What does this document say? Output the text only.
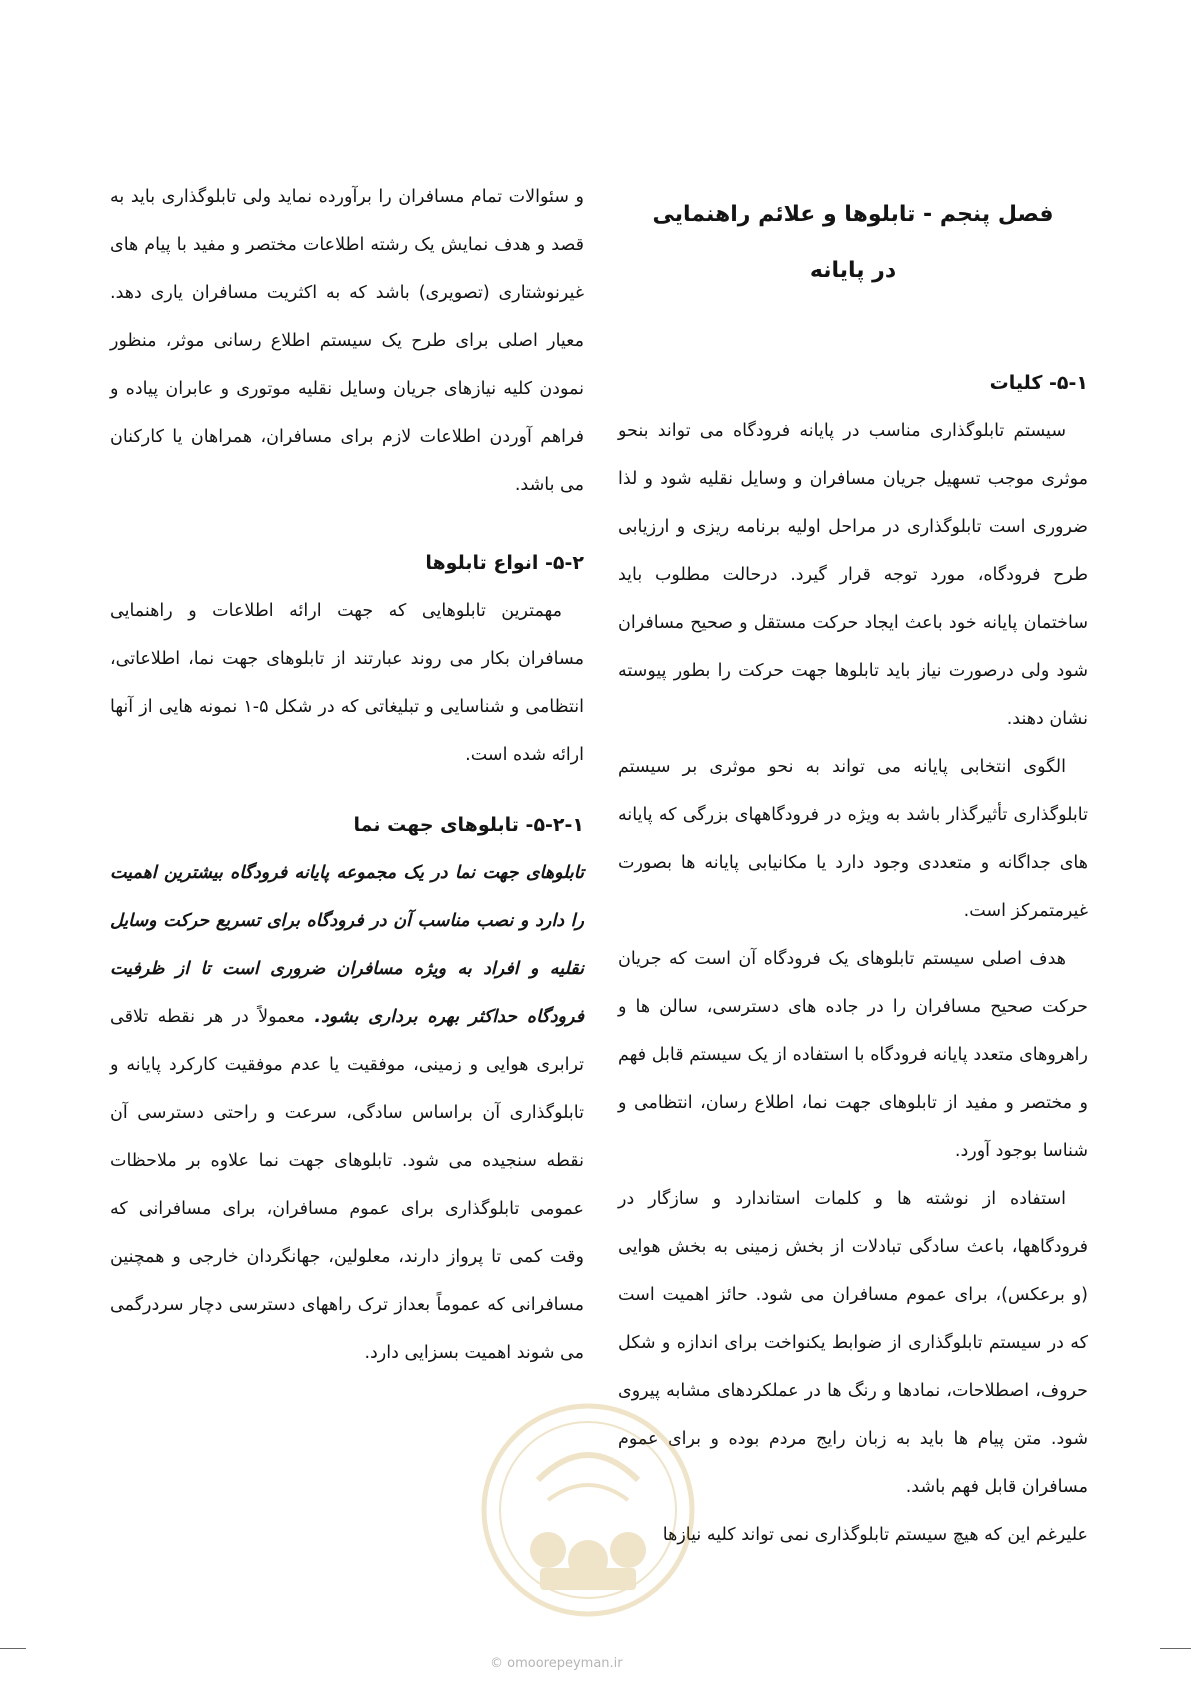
فصل پنجم - تابلوها و علائم راهنمایی
در پایانه
۵-۱- کلیات

سیستم تابلوگذاری مناسب در پایانه فرودگاه می تواند بنحو موثری موجب تسهیل جریان مسافران و وسایل نقلیه شود و لذا ضروری است تابلوگذاری در مراحل اولیه برنامه ریزی و ارزیابی طرح فرودگاه، مورد توجه قرار گیرد. درحالت مطلوب باید ساختمان پایانه خود باعث ایجاد حرکت مستقل و صحیح مسافران شود ولی درصورت نیاز باید تابلوها جهت حرکت را بطور پیوسته نشان دهند.

الگوی انتخابی پایانه می تواند به نحو موثری بر سیستم تابلوگذاری تأثیرگذار باشد به ویژه در فرودگاههای بزرگی که پایانه های جداگانه و متعددی وجود دارد یا مکانیابی پایانه ها بصورت غیرمتمرکز است.

هدف اصلی سیستم تابلوهای یک فرودگاه آن است که جریان حرکت صحیح مسافران را در جاده های دسترسی، سالن ها و راهروهای متعدد پایانه فرودگاه با استفاده از یک سیستم قابل فهم و مختصر و مفید از تابلوهای جهت نما، اطلاع رسان، انتظامی و شناسا بوجود آورد.

استفاده از نوشته ها و کلمات استاندارد و سازگار در فرودگاهها، باعث سادگی تبادلات از بخش زمینی به بخش هوایی (و برعکس)، برای عموم مسافران می شود. حائز اهمیت است که در سیستم تابلوگذاری از ضوابط یکنواخت برای اندازه و شکل حروف، اصطلاحات، نمادها و رنگ ها در عملکردهای مشابه پیروی شود. متن پیام ها باید به زبان رایج مردم بوده و برای عموم مسافران قابل فهم باشد.

علیرغم این که هیچ سیستم تابلوگذاری نمی تواند کلیه نیازها

و سئوالات تمام مسافران را برآورده نماید ولی تابلوگذاری باید به قصد و هدف نمایش یک رشته اطلاعات مختصر و مفید با پیام های غیرنوشتاری (تصویری) باشد که به اکثریت مسافران یاری دهد. معیار اصلی برای طرح یک سیستم اطلاع رسانی موثر، منظور نمودن کلیه نیازهای جریان وسایل نقلیه موتوری و عابران پیاده و فراهم آوردن اطلاعات لازم برای مسافران، همراهان یا کارکنان می باشد.

۵-۲- انواع تابلوها

مهمترین تابلوهایی که جهت ارائه اطلاعات و راهنمایی مسافران بکار می روند عبارتند از تابلوهای جهت نما، اطلاعاتی، انتظامی و شناسایی و تبلیغاتی که در شکل ۵-۱ نمونه هایی از آنها ارائه شده است.

۵-۲-۱- تابلوهای جهت نما

تابلوهای جهت نما در یک مجموعه پایانه فرودگاه بیشترین اهمیت را دارد و نصب مناسب آن در فرودگاه برای تسریع حرکت وسایل نقلیه و افراد به ویژه مسافران ضروری است تا از ظرفیت فرودگاه حداکثر بهره برداری بشود. معمولاً در هر نقطه تلاقی ترابری هوایی و زمینی، موفقیت یا عدم موفقیت کارکرد پایانه و تابلوگذاری آن براساس سادگی، سرعت و راحتی دسترسی آن نقطه سنجیده می شود. تابلوهای جهت نما علاوه بر ملاحظات عمومی تابلوگذاری برای عموم مسافران، برای مسافرانی که وقت کمی تا پرواز دارند، معلولین، جهانگردان خارجی و همچنین مسافرانی که عموماً بعداز ترک راههای دسترسی دچار سردرگمی می شوند اهمیت بسزایی دارد.

© omoorepeyman.ir
